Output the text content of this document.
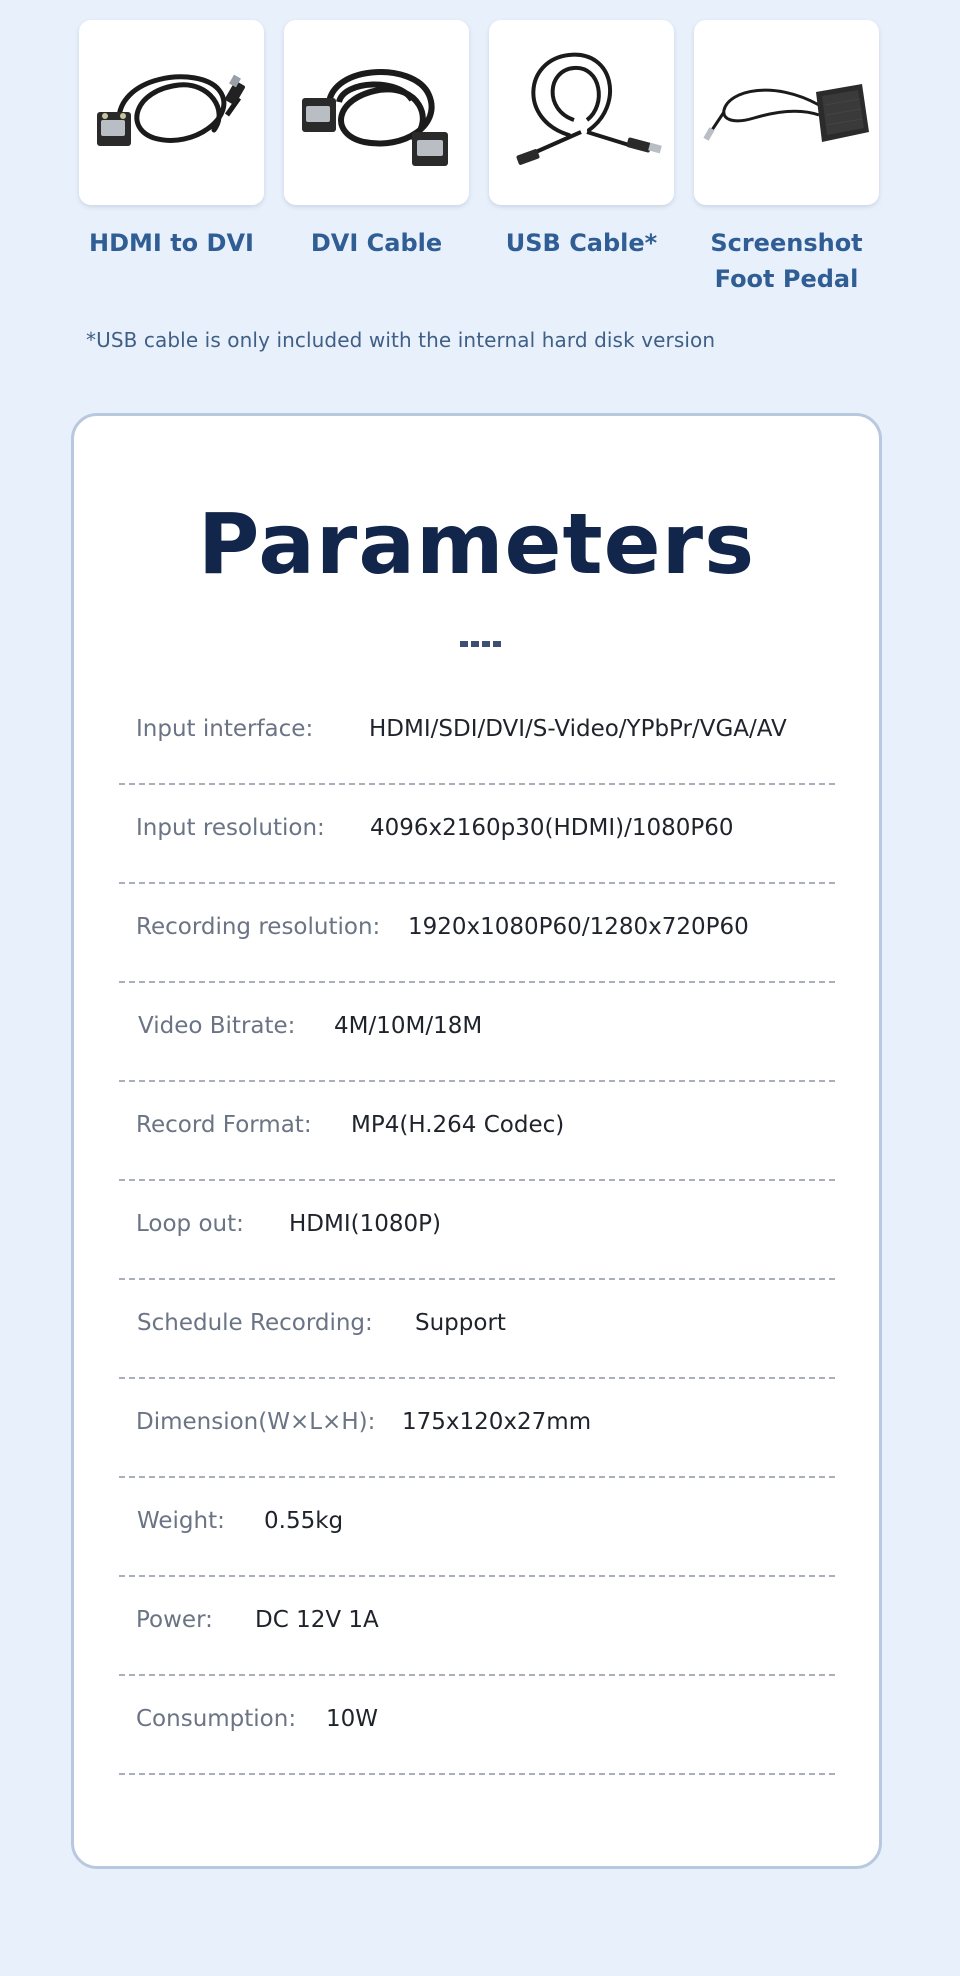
HDMI to DVI	DVI Cable	USB Cable*	Screenshot
Foot Pedal
*USB cable is only included with the internal hard disk version
Parameters
Input interface: HDMI/SDI/DVI/S-Video/YPbPr/VGA/AV
Input resolution: 4096x2160p30(HDMI)/1080P60
Recording resolution: 1920x1080P60/1280x720P60
Video Bitrate: 4M/10M/18M
Record Format: MP4(H.264 Codec)
Loop out: HDMI(1080P)
Schedule Recording: Support
Dimension(W×L×H): 175x120x27mm
Weight: 0.55kg
Power: DC 12V 1A
Consumption: 10W
